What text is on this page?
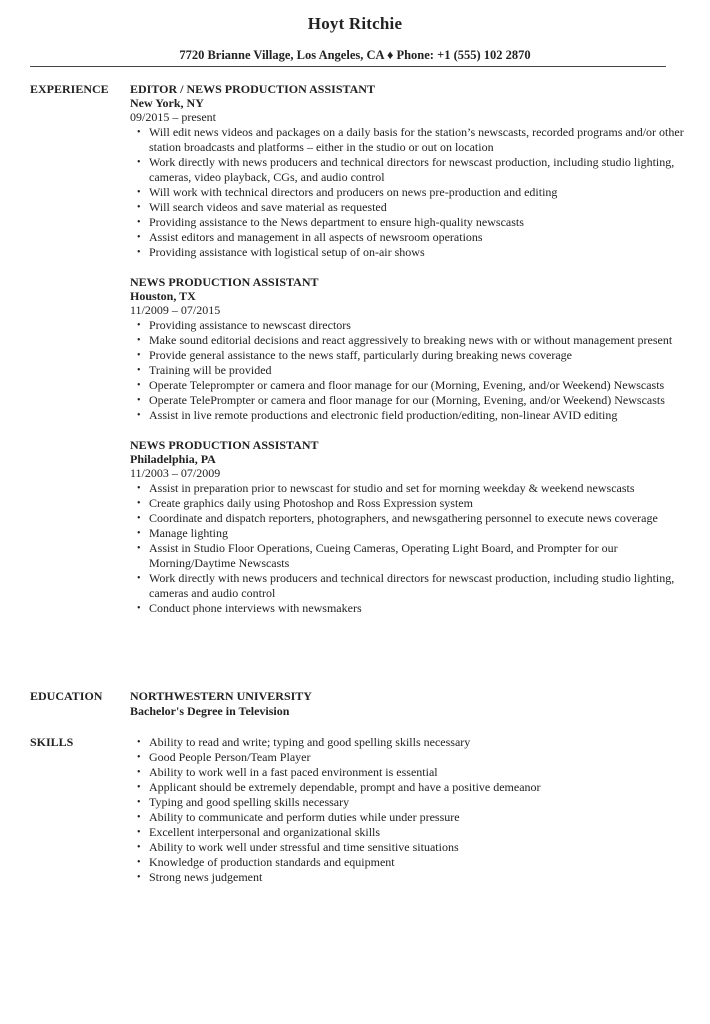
Hoyt Ritchie
7720 Brianne Village, Los Angeles, CA ♦ Phone: +1 (555) 102 2870
EXPERIENCE EDITOR / NEWS PRODUCTION ASSISTANT
New York, NY
09/2015 – present
• Will edit news videos and packages on a daily basis for the station’s newscasts, recorded programs and/or other station broadcasts and platforms – either in the studio or out on location
• Work directly with news producers and technical directors for newscast production, including studio lighting, cameras, video playback, CGs, and audio control
• Will work with technical directors and producers on news pre-production and editing
• Will search videos and save material as requested
• Providing assistance to the News department to ensure high-quality newscasts
• Assist editors and management in all aspects of newsroom operations
• Providing assistance with logistical setup of on-air shows
NEWS PRODUCTION ASSISTANT
Houston, TX
11/2009 – 07/2015
• Providing assistance to newscast directors
• Make sound editorial decisions and react aggressively to breaking news with or without management present
• Provide general assistance to the news staff, particularly during breaking news coverage
• Training will be provided
• Operate Teleprompter or camera and floor manage for our (Morning, Evening, and/or Weekend) Newscasts
• Operate TelePrompter or camera and floor manage for our (Morning, Evening, and/or Weekend) Newscasts
• Assist in live remote productions and electronic field production/editing, non-linear AVID editing
NEWS PRODUCTION ASSISTANT
Philadelphia, PA
11/2003 – 07/2009
• Assist in preparation prior to newscast for studio and set for morning weekday & weekend newscasts
• Create graphics daily using Photoshop and Ross Expression system
• Coordinate and dispatch reporters, photographers, and newsgathering personnel to execute news coverage
• Manage lighting
• Assist in Studio Floor Operations, Cueing Cameras, Operating Light Board, and Prompter for our Morning/Daytime Newscasts
• Work directly with news producers and technical directors for newscast production, including studio lighting, cameras and audio control
• Conduct phone interviews with newsmakers
EDUCATION NORTHWESTERN UNIVERSITY
Bachelor's Degree in Television
SKILLS	• Ability to read and write; typing and good spelling skills necessary
• Good People Person/Team Player
• Ability to work well in a fast paced environment is essential
• Applicant should be extremely dependable, prompt and have a positive demeanor
• Typing and good spelling skills necessary
• Ability to communicate and perform duties while under pressure
• Excellent interpersonal and organizational skills
• Ability to work well under stressful and time sensitive situations
• Knowledge of production standards and equipment
• Strong news judgement
